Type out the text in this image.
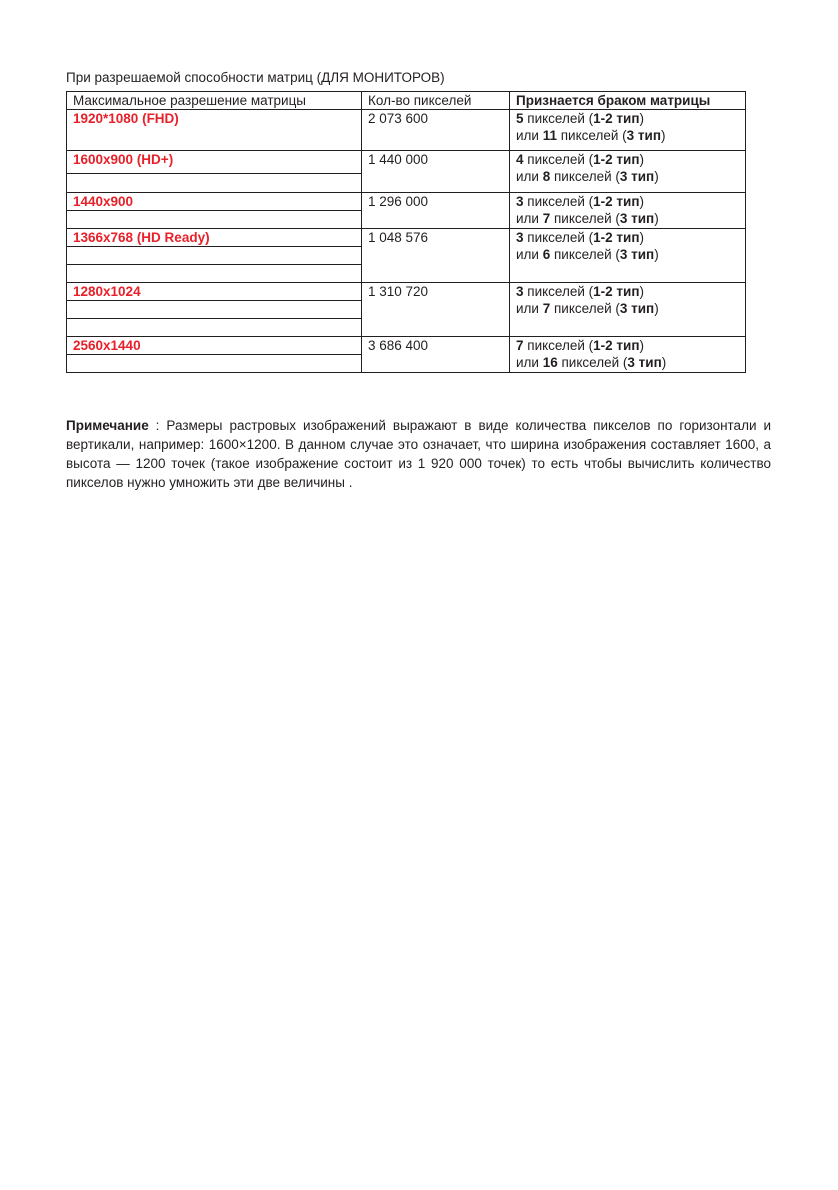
При разрешаемой способности матриц (ДЛЯ МОНИТОРОВ)
Максимальное разрешение матрицы	Кол-во пикселей	Признается браком матрицы
1920*1080 (FHD)	2 073 600	5 пикселей (1-2 тип)
или 11 пикселей (3 тип)

1600x900 (HD+)	1 440 000	4 пикселей (1-2 тип)
или 8 пикселей (3 тип)

1440x900	1 296 000	3 пикселей (1-2 тип)
или 7 пикселей (3 тип)

1366x768 (HD Ready)	1 048 576	3 пикселей (1-2 тип)
или 6 пикселей (3 тип)

1280x1024	1 310 720	3 пикселей (1-2 тип)
или 7 пикселей (3 тип)

2560x1440	3 686 400	7 пикселей (1-2 тип)
или 16 пикселей (3 тип)

Примечание : Размеры растровых изображений выражают в виде количества пикселов по горизонтали и вертикали, например: 1600×1200. В данном случае это означает, что ширина изображения составляет 1600, а высота — 1200 точек (такое изображение состоит из 1 920 000 точек) то есть чтобы вычислить количество пикселов нужно умножить эти две величины .
